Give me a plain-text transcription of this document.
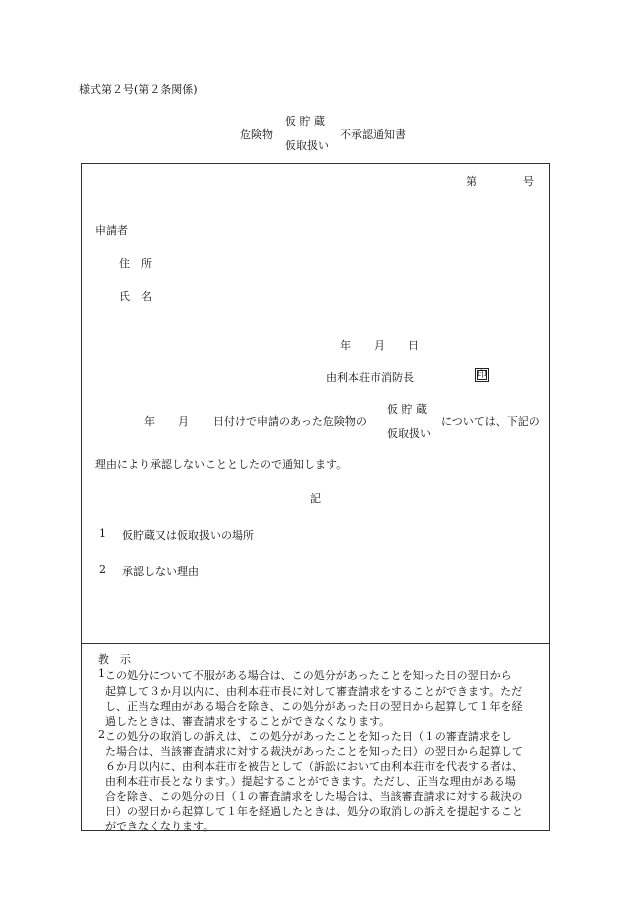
様式第２号(第２条関係)
危険物
仮 貯 蔵
仮取扱い
不承認通知書
第	号
申請者
住　所
氏　名
年 月 日
由利本荘市消防長	印
年 月 日付けで申請のあった危険物の
仮 貯 蔵
仮取扱い
については、下記の
理由により承認しないこととしたので通知します。
記
1 仮貯蔵又は仮取扱いの場所
2 承認しない理由
教　示
1 この処分について不服がある場合は、この処分があったことを知った日の翌日から
起算して３か月以内に、由利本荘市長に対して審査請求をすることができます。ただ
し、正当な理由がある場合を除き、この処分があった日の翌日から起算して１年を経
過したときは、審査請求をすることができなくなります。
2 この処分の取消しの訴えは、この処分があったことを知った日（１の審査請求をし
た場合は、当該審査請求に対する裁決があったことを知った日）の翌日から起算して
６か月以内に、由利本荘市を被告として（訴訟において由利本荘市を代表する者は、
由利本荘市長となります。）提起することができます。ただし、正当な理由がある場
合を除き、この処分の日（１の審査請求をした場合は、当該審査請求に対する裁決の
日）の翌日から起算して１年を経過したときは、処分の取消しの訴えを提起すること
ができなくなります。
